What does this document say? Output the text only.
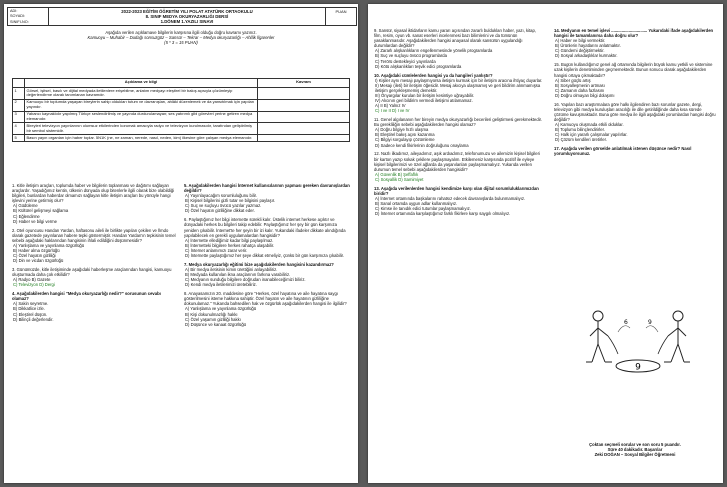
ADI:
SOYADI:
SINIFI-NO:
2022-2023 EĞİTİM ÖĞRETİM YILI POLAT ATATÜRK ORTAOKULU
8. SINIF MEDYA OKURYAZARLIĞI DERSİ
1.DÖNEM 1.YAZILI SINAVI
PUAN
Aşağıda verilen açıklamave bilgilerin karşısına ilgili olduğu doğru kavramı yazınız.
Kamuoyu – Muhabir – Dudağı sonsuzgöz – Sansür – Tekrar – Medya okuryazarlığı – Ahlâk İlgarenler
(5 * 3 = 15 PUAN)
	Açıklama ve bilgi	Kavram
1	Görsel, işitsel, basılı ve dijital medyada iletilenlere erişebilme, anlatım medyayı eleştirel bir bakış açısıyla çözümleyip değerlendirme olarak tanımlanan kavramdır.	
2	Kamuoyu bir toplumda yaşayan bireylerin sahip oldukları tutum ve davranışları, ahlâki düzenlemek ve da yansıtılmak için yapılan yayındır.	
3	Yabancı kaynaklıdır yapılmış Türkçe seslendirilmiş ve yayında durdurulamayan; ses yatırımlı gibi görevleri yerine getiren medya elemanıdır.	
4	Bireyleri televizyon yayınlarının olumsuz etkilerinden korumak amacıyla radyo ve televizyon kurulmasıdır, tarafından geliştirilmiş bir sembol sistemidir.	
5	Basın yayın organları için haber toplar. 5N1K (ne, ne zaman, nerede, nasıl, neden, kim) ilkesine göre çalışan medya elemanıdır.	

1. Kitle iletişim araçları, toplumda haber ve bilgilerin toplanması ve dağıtımı sağlayan araçlardır. Yaşadığımız kentin, ülkenin dünyada olup bitenlerle ilgili olarak bize olabildiği bilgileri, bunlardan haberdar olmamızı sağlayan kitle iletişim araçları bu yönüyle hangi işlevini yerine getirmiş olur?

A) Güdüleme
B) Kültürel gelişmeyi sağlama
C) Eğlendirme
D) Haber ve bilgi verme

2. Otel oyuncusu Handan Yardan, haftasonu aileli ile birlikte yapılan çekilen ve İlmdo olarak gazetede yayınlanan habere tepki göstermiştir. Handan Yardan'ın tepkisinin temel sebebi aşağıdaki haklarından hangisinin ihlali edildiğini düşünmesidir?

A) Yanlışlama ve yayınlama özgürlüğü
B) Haber alma özgürlüğü
C) Özel hayatın gizliliği
D) Din ve vicdan özgürlüğü

3. Günümüzde, kitle iletişiminde aşağıdaki haberleşme araçlarından hangisi, kamuoyu oluşturmada daha çok etkilidir?

A) Radyo B) Gazete
C) Televizyon D) Dergi

4. Aşağıdakilerden hangisi "Medya okuryazarlığı nedir?" sorusunun cevabı olamaz?

A) Sakin seyretme.
B) Dikkatlice izle.
C) Eleştirel düşün.
D) Bilinçli değerlendir.

5. Aşağıdakilerden hangisi İnternet kullanıcılarının yapması gereken davranışlardan değildir?

A) Yayınlayacağım sorumluluğunu bilir.
B) Kişisel bilgilerini gizli tutar ve bilgisini paylaşır.
C) Suç ve suçluyu övücü yazılar yazmaz.
D) Özel hayatın gizliliğine dikkat eder.

6. Paylaştığımız her bilgi internette sürekli kalır. Üstelik internet herkese açıktır ve dünyadaki herkes bu bilgileri takip edebilir. Paylaştığımız her şey bir gün karşımıza yeniden çıkabilir. İnternet'te her şeyin bir izi kalır. Yukarıdaki ifadeler dikkate alındığında yapılabilecek en gerekli uygulamalardan hangisidir?

A) İnternette ellediğimiz kadar bilgi paylaşılmaz.
B) İnternetteki bilgilere herkes rahatça ulaşabilir.
C) İnternet anlamımızı zarar verir.
D) İnternette paylaştığımız her şeye dikkat etmeliyiz, çünkü bir gün karşımıza çıkabilir.

7. Medya okuryazarlığı eğitimi bize aşağıdakilerden hangisini kazandırmaz?

A) Bir medya iletisinin kimin ürettiğini anlayabiliriz.
B) Medyada kullanılan ikna araçlarının farkına varabiliriz.
C) Medyanın sunduğu bilgilere doğrudan inanabileceğimizi biliriz.
D) Kendi medya iletilerimizi üretebiliriz.

8. Anayasamızın 20. maddesine göre "Herkes, özel hayatına ve aile hayatına saygı gösterilmesini isteme hakkına sahiptir. Özel hayatın ve aile hayatının gizliliğine dokunulamaz." Yukarıda bahsedilen hak ve özgürlük aşağıdakilerden hangisi ile ilgilidir?

A) Yanlışlama ve yayınlama özgürlüğü
B) Kişi dokunulmazlığı hakkı
C) Özel yaşamın gizliliği hakkı
D) Düşünce ve kanaat özgürlüğü

9. Sansür, siyasal iktidarların kamu yararı açısından zararlı buldukları haber, yazı, kitap, film, resim, oyun vb. sanat eserleri incelenmesi bazı bilimlerini ve da tümünün yasaklanmasıdır. Aşağıdakilerden hangisi anayasal olarak sansürün uygulandığı durumlardan değildir?

A) Zararlı alışkanlıkların engellenmesinde yönelik programlarda
B) Suç ve suçluyu övücü programlarda
C) Terörü destekleyici yayınlarda
D) Kötü alışkanlıkları teşvik edici programlarda

10. Aşağıdaki cümlelerden hangisi ya da hangileri yanlıştır?

I) Kişiler aynı mesajı paylaşmıyorsa iletişim kurmak için bir iletişim aracına ihtiyaç duyarlar.
II) Mesajı (ileti) bir iletişim öğesidir. Mesaj akıcıya ulaşmamış ve geri bildirim alınmamışsa iletişim gerçekleşmemiş demektir.
III) Önyargılar kurulan bir iletişim kesintiye uğrayabilir.
IV) Alıcının geri bildirim vermedi iletişimi atılamamaz.
A) II B) Yalnız IV
C) I ve II D) I ve IV

11. Genel algılananın her bireyin medya okuryazarlığı becerileri geliştirmesi gerekmektedir. Bu gerekliliğin sebebi aşağıdakilerden hangisi olamaz?

A) Doğru bilgiye hızlı ulaşma
B) Eleştirel bakış açısı kazanma
C) Bilgiyi sorgulayıp çözümleme
D) Sadece kendi fikirlerinin doğruluğunu onaylama

12. Nazlı ilkadımız, aileyadımız, aşık ardıadımız, telefonumuzu ve ailemizin kişisel bilgileri bir karton yazıp sokak çekilere paylaşmayalım. Etkilemeniz karşısında pozitif ile eyleye kişisel bilgilerimizi ve özel ağlarda da yaşanılanları paylaşmamalıyız. Yukarıda verilen durumun temel sebebi aşağıdakilerden hangisidir?

A) Güvenlik B) Şeffaflık
C) Sosyallik D) Samimiyet

13. Aşağıda verilenlerden hangisi kendimize karşı olan dijital sorumluluklarımızdan biridir?

A) İnternet ortamında başkalarını rahatsız edecek davranışlarda bulunmamalıyız.
B) Sanal ortamda uygun adlar kullanmalıyız.
C) Kimse ile tanıdık edici tutumlar paylaşmamalıyız.
D) İnternet ortamında karşılaştığımız farklı fikirlere karşı saygılı olmalıyız.

14. Medyanın en temel işlevi ............................... Yukarıdaki ifade aşağıdakilerden hangisi ile tamamlanırsa daha doğru olur?

A) Haber ve bilgi vermektir.
B) Ürünlerin hayatlarını anlatmaktır.
C) Gündemi değiştirmektir.
D) Sosyal arkadaşlıklar kurmaktır.

15. Bugün kullandığımız genel ağ ortamında bilgilerin büyük kamu yetkili ve sistemine uzak kişilerin denetiminden geçmemektedir. Bunun sonucu olarak aşağıdakilerden hangisi ortaya çıkmaktadır?

A) Siber güçlü artış
B) Sosyalleşmenin artması
C) Zamanın daha fazlasını
D) Doğru olmayan bilgi dolaşımı

16. Yapılan bazı araştırmalara göre halkı ilgilendiren bazı sorunlar gazete, dergi, televizyon gibi medya kuruluşları aracılığı ile dile getirildiğinde daha kısa sürede çözüme kavuşmaktadır. Buna göre medya ile ilgili aşağıdaki yorumlardan hangisi doğru değildir?

A) Kamuoyu oluşmada etkili olduklar.
B) Toplumu bilinçlendirirler.
C) Halk için yararlı çalışmalar yapılırlar.
D) Çözüm kendileri üretirler.

17. Aşağıda verilen görselde anlatılmak istenen düşünce nedir? Nasıl yorumluyorsunuz.

6
6	9
Çoktan seçmeli sorular ve son soru 5 puandır.
Süre 40 dakikadır. Başarılar
Zeki DOĞAN – Sosyal Bilgiler Öğretmeni
